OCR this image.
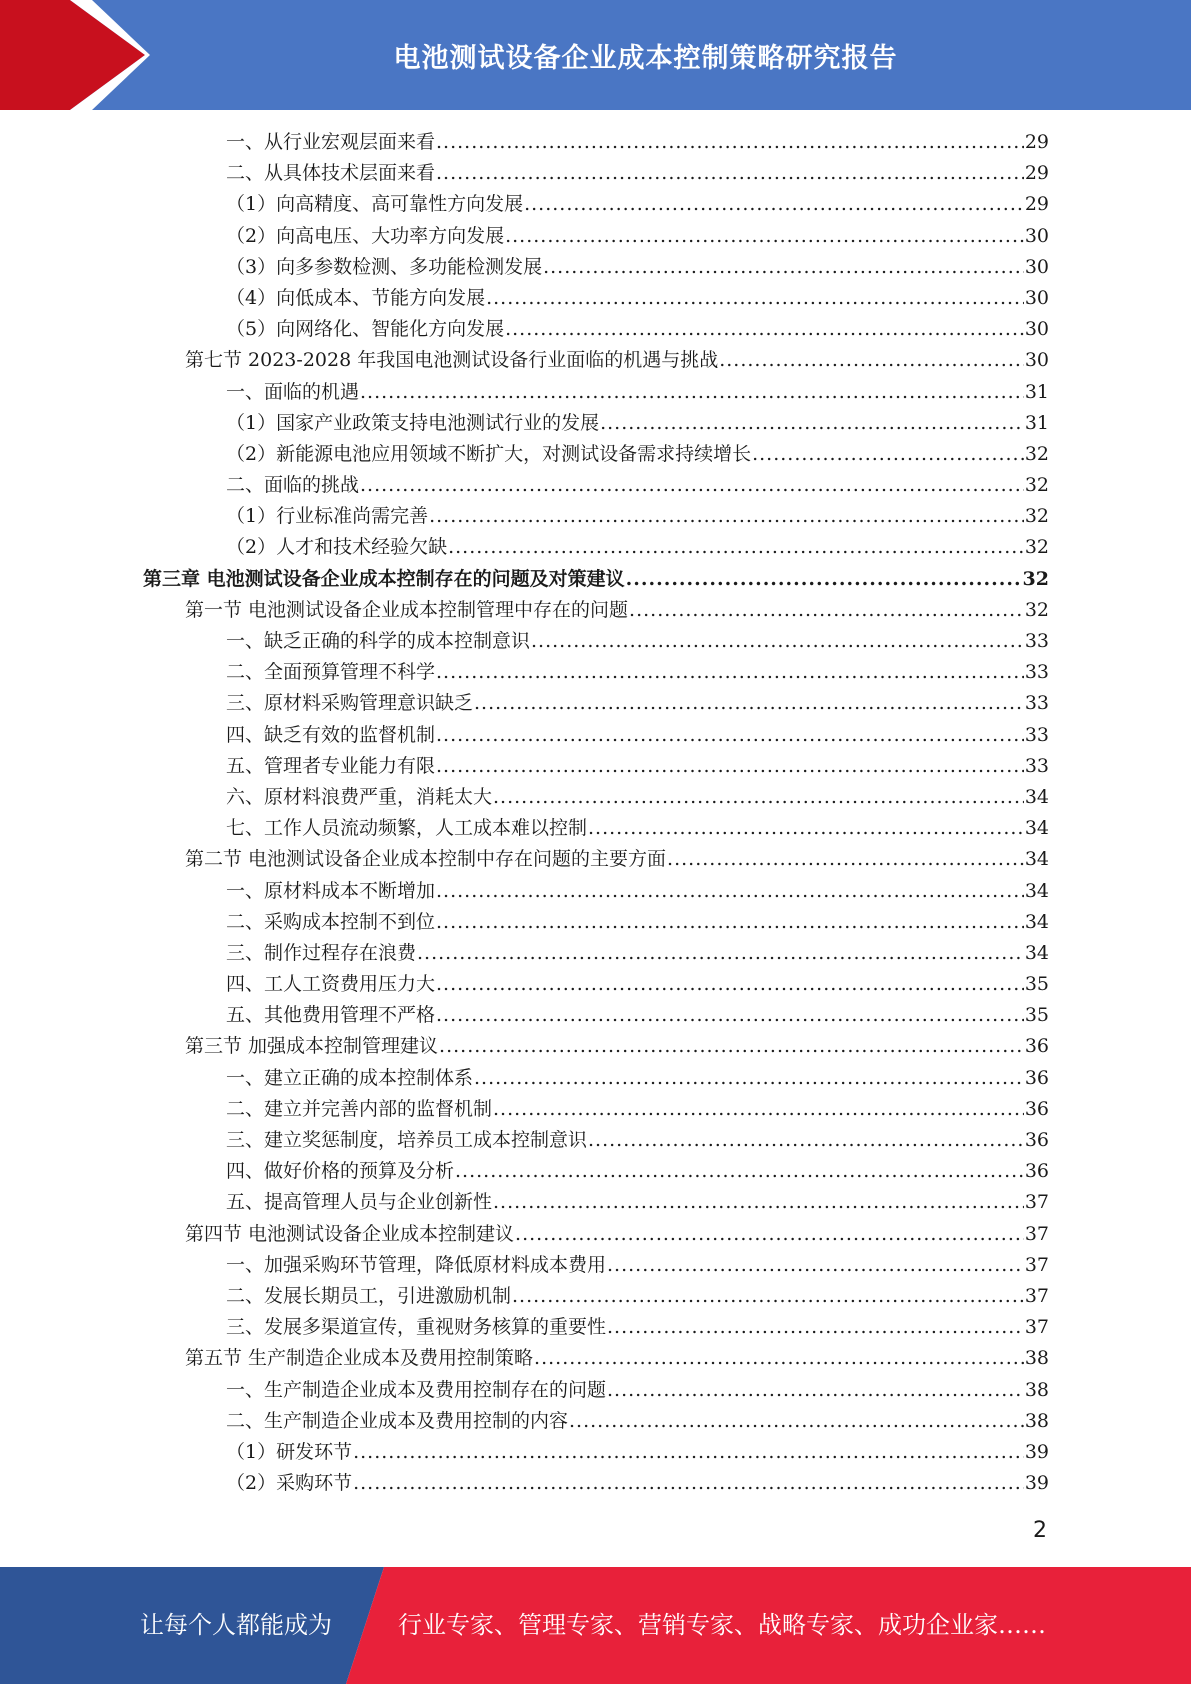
电池测试设备企业成本控制策略研究报告
一、从行业宏观层面来看 .....	29
二、从具体技术层面来看 .....	29
（1）向高精度、高可靠性方向发展 .....	29
（2）向高电压、大功率方向发展 .....	30
（3）向多参数检测、多功能检测发展 .....	30
（4）向低成本、节能方向发展 .....	30
（5）向网络化、智能化方向发展 .....	30
第七节 2023-2028 年我国电池测试设备行业面临的机遇与挑战 .....	30
一、面临的机遇 .....	31
（1）国家产业政策支持电池测试行业的发展 .....	31
（2）新能源电池应用领域不断扩大，对测试设备需求持续增长 .....	32
二、面临的挑战 .....	32
（1）行业标准尚需完善 .....	32
（2）人才和技术经验欠缺 .....	32
第三章 电池测试设备企业成本控制存在的问题及对策建议 .....	32
第一节 电池测试设备企业成本控制管理中存在的问题 .....	32
一、缺乏正确的科学的成本控制意识 .....	33
二、全面预算管理不科学 .....	33
三、原材料采购管理意识缺乏 .....	33
四、缺乏有效的监督机制 .....	33
五、管理者专业能力有限 .....	33
六、原材料浪费严重，消耗太大 .....	34
七、工作人员流动频繁，人工成本难以控制 .....	34
第二节 电池测试设备企业成本控制中存在问题的主要方面 .....	34
一、原材料成本不断增加 .....	34
二、采购成本控制不到位 .....	34
三、制作过程存在浪费 .....	34
四、工人工资费用压力大 .....	35
五、其他费用管理不严格 .....	35
第三节 加强成本控制管理建议 .....	36
一、建立正确的成本控制体系 .....	36
二、建立并完善内部的监督机制 .....	36
三、建立奖惩制度，培养员工成本控制意识 .....	36
四、做好价格的预算及分析 .....	36
五、提高管理人员与企业创新性 .....	37
第四节 电池测试设备企业成本控制建议 .....	37
一、加强采购环节管理，降低原材料成本费用 .....	37
二、发展长期员工，引进激励机制 .....	37
三、发展多渠道宣传，重视财务核算的重要性 .....	37
第五节 生产制造企业成本及费用控制策略 .....	38
一、生产制造企业成本及费用控制存在的问题 .....	38
二、生产制造企业成本及费用控制的内容 .....	38
（1）研发环节 .....	39
（2）采购环节 .....	39
2
让每个人都能成为	行业专家、管理专家、营销专家、战略专家、成功企业家……
